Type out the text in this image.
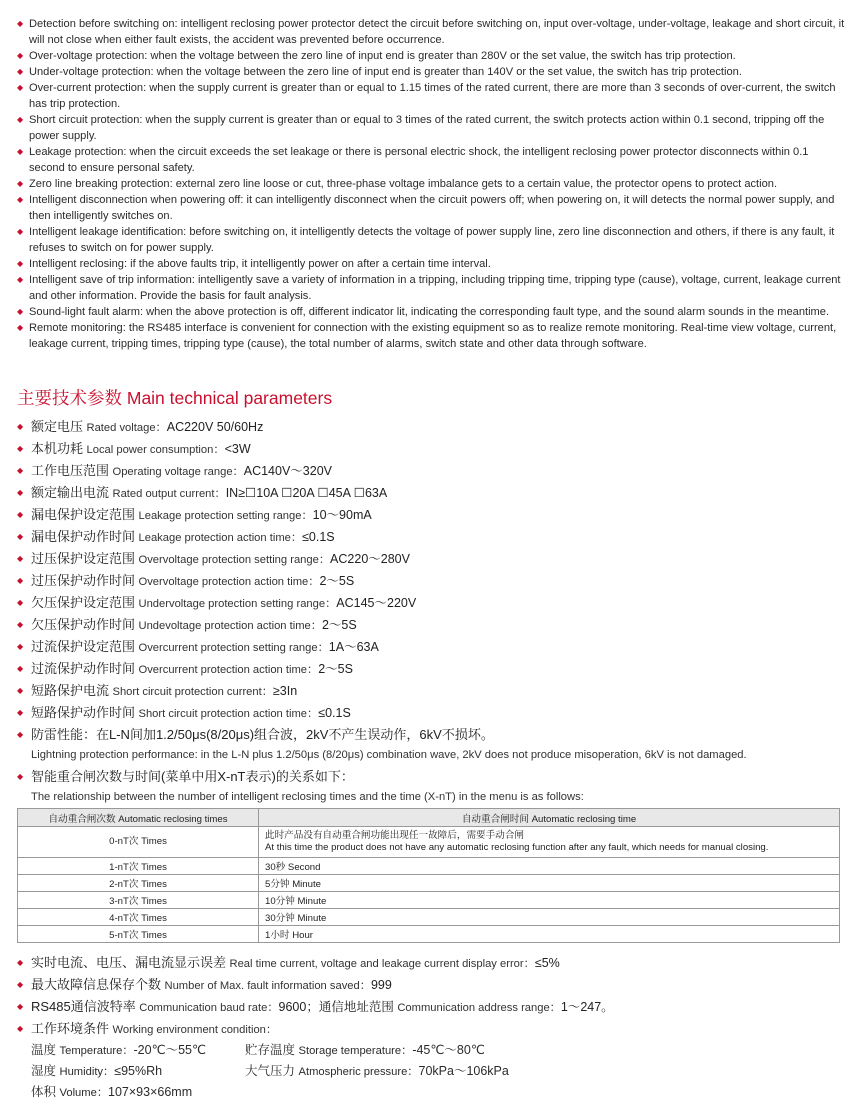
◆ Detection before switching on: intelligent reclosing power protector detect the circuit before switching on, input over-voltage, under-voltage, leakage and short circuit, it will not close when either fault exists, the accident was prevented before occurrence.
◆ Over-voltage protection: when the voltage between the zero line of input end is greater than 280V or the set value, the switch has trip protection.
◆ Under-voltage protection: when the voltage between the zero line of input end is greater than 140V or the set value, the switch has trip protection.
◆ Over-current protection: when the supply current is greater than or equal to 1.15 times of the rated current, there are more than 3 seconds of over-current, the switch has trip protection.
◆ Short circuit protection: when the supply current is greater than or equal to 3 times of the rated current, the switch protects action within 0.1 second, tripping off the power supply.
◆ Leakage protection: when the circuit exceeds the set leakage or there is personal electric shock, the intelligent reclosing power protector disconnects within 0.1 second to ensure personal safety.
◆ Zero line breaking protection: external zero line loose or cut, three-phase voltage imbalance gets to a certain value, the protector opens to protect action.
◆ Intelligent disconnection when powering off: it can intelligently disconnect when the circuit powers off; when powering on, it will detects the normal power supply, and then intelligently switches on.
◆ Intelligent leakage identification: before switching on, it intelligently detects the voltage of power supply line, zero line disconnection and others, if there is any fault, it refuses to switch on for power supply.
◆ Intelligent reclosing: if the above faults trip, it intelligently power on after a certain time interval.
◆ Intelligent save of trip information: intelligently save a variety of information in a tripping, including tripping time, tripping type (cause), voltage, current, leakage current and other information. Provide the basis for fault analysis.
◆ Sound-light fault alarm: when the above protection is off, different indicator lit, indicating the corresponding fault type, and the sound alarm sounds in the meantime.
◆ Remote monitoring: the RS485 interface is convenient for connection with the existing equipment so as to realize remote monitoring. Real-time view voltage, current, leakage current, tripping times, tripping type (cause), the total number of alarms, switch state and other data through software.
主要技术参数 Main technical parameters
◆ 额定电压 Rated voltage：AC220V 50/60Hz
◆ 本机功耗 Local power consumption：<3W
◆ 工作电压范围 Operating voltage range：AC140V～320V
◆ 额定输出电流 Rated output current：IN≥☐10A ☐20A ☐45A ☐63A
◆ 漏电保护设定范围 Leakage protection setting range：10～90mA
◆ 漏电保护动作时间 Leakage protection action time：≤0.1S
◆ 过压保护设定范围 Overvoltage protection setting range：AC220～280V
◆ 过压保护动作时间 Overvoltage protection action time：2～5S
◆ 欠压保护设定范围 Undervoltage protection setting range：AC145～220V
◆ 欠压保护动作时间 Undevoltage protection action time：2～5S
◆ 过流保护设定范围 Overcurrent protection setting range：1A～63A
◆ 过流保护动作时间 Overcurrent protection action time：2～5S
◆ 短路保护电流 Short circuit protection current：≥3In
◆ 短路保护动作时间 Short circuit protection action time：≤0.1S
◆ 防雷性能：在L-N间加1.2/50μs(8/20μs)组合波，2kV不产生误动作，6kV不损坏。
Lightning protection performance: in the L-N plus 1.2/50μs (8/20μs) combination wave, 2kV does not produce misoperation, 6kV is not damaged.
◆ 智能重合闸次数与时间(菜单中用X-nT表示)的关系如下：
The relationship between the number of intelligent reclosing times and the time (X-nT) in the menu is as follows:
自动重合闸次数 Automatic reclosing times	自动重合闸时间 Automatic reclosing time
0-nT次 Times	此时产品没有自动重合闸功能出现任一故障后，需要手动合闸
At this time the product does not have any automatic reclosing function after any fault, which needs for manual closing.

1-nT次 Times	30秒 Second
2-nT次 Times	5分钟 Minute
3-nT次 Times	10分钟 Minute
4-nT次 Times	30分钟 Minute
5-nT次 Times	1小时 Hour
◆ 实时电流、电压、漏电流显示误差 Real time current, voltage and leakage current display error：≤5%
◆ 最大故障信息保存个数 Number of Max. fault information saved：999
◆ RS485通信波特率 Communication baud rate：9600；通信地址范围 Communication address range：1～247。
◆ 工作环境条件 Working environment condition：
温度 Temperature：-20℃～55℃	贮存温度 Storage temperature：-45℃～80℃
湿度 Humidity：≤95%Rh	大气压力 Atmospheric pressure：70kPa～106kPa
体积 Volume：107×93×66mm
